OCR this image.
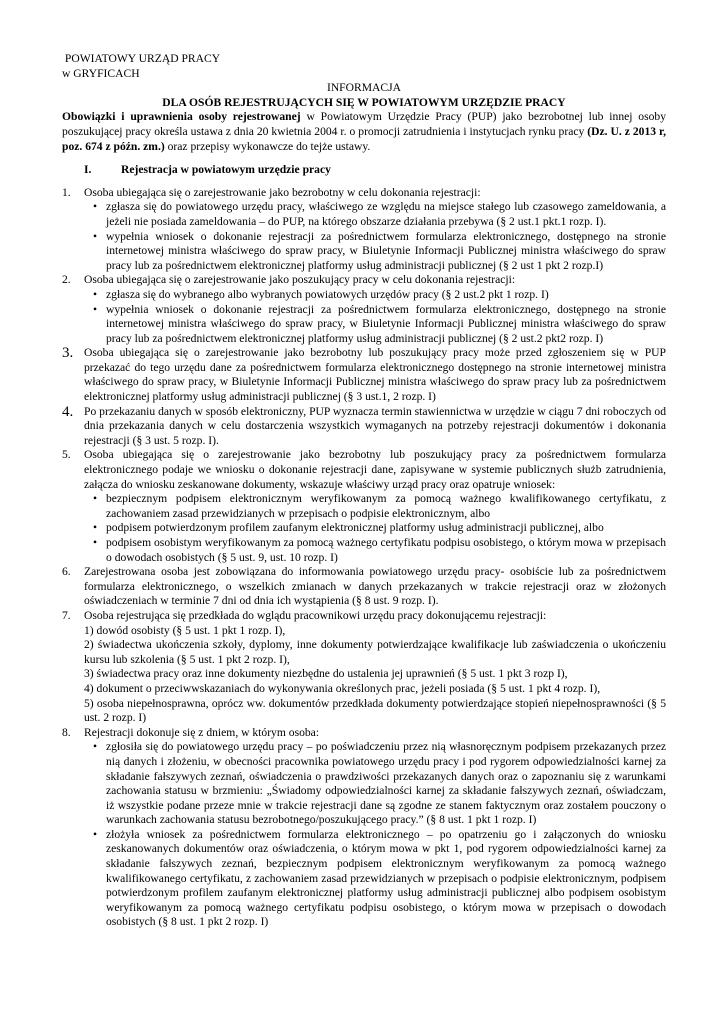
POWIATOWY URZĄD PRACY

w GRYFICACH

INFORMACJA

DLA OSÓB REJESTRUJĄCYCH SIĘ W POWIATOWYM URZĘDZIE PRACY

Obowiązki i uprawnienia osoby rejestrowanej w Powiatowym Urzędzie Pracy (PUP) jako bezrobotnej lub innej osoby poszukującej pracy określa ustawa z dnia 20 kwietnia 2004 r. o promocji zatrudnienia i instytucjach rynku pracy (Dz. U. z 2013 r, poz. 674 z późn. zm.) oraz przepisy wykonawcze do tejże ustawy.

I.	Rejestracja w powiatowym urzędzie pracy
1.	Osoba ubiegająca się o zarejestrowanie jako bezrobotny w celu dokonania rejestracji:
• zgłasza się do powiatowego urzędu pracy, właściwego ze względu na miejsce stałego lub czasowego zameldowania, a jeżeli nie posiada zameldowania – do PUP, na którego obszarze działania przebywa (§ 2 ust.1 pkt.1 rozp. I).
• wypełnia wniosek o dokonanie rejestracji za pośrednictwem formularza elektronicznego, dostępnego na stronie internetowej ministra właściwego do spraw pracy, w Biuletynie Informacji Publicznej ministra właściwego do spraw pracy lub za pośrednictwem elektronicznej platformy usług administracji publicznej (§ 2 ust 1 pkt 2 rozp.I)
2.	Osoba ubiegająca się o zarejestrowanie jako poszukujący pracy w celu dokonania rejestracji:
• zgłasza się do wybranego albo wybranych powiatowych urzędów pracy (§ 2 ust.2 pkt 1 rozp. I)
• wypełnia wniosek o dokonanie rejestracji za pośrednictwem formularza elektronicznego, dostępnego na stronie internetowej ministra właściwego do spraw pracy, w Biuletynie Informacji Publicznej ministra właściwego do spraw pracy lub za pośrednictwem elektronicznej platformy usług administracji publicznej (§ 2 ust.2 pkt2 rozp. I)
3. Osoba ubiegająca się o zarejestrowanie jako bezrobotny lub poszukujący pracy może przed zgłoszeniem się w PUP przekazać do tego urzędu dane za pośrednictwem formularza elektronicznego dostępnego na stronie internetowej ministra właściwego do spraw pracy, w Biuletynie Informacji Publicznej ministra właściwego do spraw pracy lub za pośrednictwem elektronicznej platformy usług administracji publicznej (§ 3 ust.1, 2 rozp. I)
4. Po przekazaniu danych w sposób elektroniczny, PUP wyznacza termin stawiennictwa w urzędzie w ciągu 7 dni roboczych od dnia przekazania danych w celu dostarczenia wszystkich wymaganych na potrzeby rejestracji dokumentów i dokonania rejestracji (§ 3 ust. 5 rozp. I).
5.	Osoba ubiegająca się o zarejestrowanie jako bezrobotny lub poszukujący pracy za pośrednictwem formularza elektronicznego podaje we wniosku o dokonanie rejestracji dane, zapisywane w systemie publicznych służb zatrudnienia, załącza do wniosku zeskanowane dokumenty, wskazuje właściwy urząd pracy oraz opatruje wniosek:
• bezpiecznym podpisem elektronicznym weryfikowanym za pomocą ważnego kwalifikowanego certyfikatu, z zachowaniem zasad przewidzianych w przepisach o podpisie elektronicznym, albo
• podpisem potwierdzonym profilem zaufanym elektronicznej platformy usług administracji publicznej, albo
• podpisem osobistym weryfikowanym za pomocą ważnego certyfikatu podpisu osobistego, o którym mowa w przepisach o dowodach osobistych (§ 5 ust. 9, ust. 10 rozp. I)
6.	Zarejestrowana osoba jest zobowiązana do informowania powiatowego urzędu pracy- osobiście lub za pośrednictwem formularza elektronicznego, o wszelkich zmianach w danych przekazanych w trakcie rejestracji oraz w złożonych oświadczeniach w terminie 7 dni od dnia ich wystąpienia (§ 8 ust. 9 rozp. I).
7.	Osoba rejestrująca się przedkłada do wglądu pracownikowi urzędu pracy dokonującemu rejestracji:
1) dowód osobisty (§ 5 ust. 1 pkt 1 rozp. I),
2) świadectwa ukończenia szkoły, dyplomy, inne dokumenty potwierdzające kwalifikacje lub zaświadczenia o ukończeniu kursu lub szkolenia (§ 5 ust. 1 pkt 2 rozp. I),
3) świadectwa pracy oraz inne dokumenty niezbędne do ustalenia jej uprawnień (§ 5 ust. 1 pkt 3 rozp I),
4) dokument o przeciwwskazaniach do wykonywania określonych prac, jeżeli posiada (§ 5 ust. 1 pkt 4 rozp. I),
5) osoba niepełnosprawna, oprócz ww. dokumentów przedkłada dokumenty potwierdzające stopień niepełnosprawności (§ 5 ust. 2 rozp. I)
8.	Rejestracji dokonuje się z dniem, w którym osoba:
• zgłosiła się do powiatowego urzędu pracy – po poświadczeniu przez nią własnoręcznym podpisem przekazanych przez nią danych i złożeniu, w obecności pracownika powiatowego urzędu pracy i pod rygorem odpowiedzialności karnej za składanie fałszywych zeznań, oświadczenia o prawdziwości przekazanych danych oraz o zapoznaniu się z warunkami zachowania statusu w brzmieniu: „Świadomy odpowiedzialności karnej za składanie fałszywych zeznań, oświadczam, iż wszystkie podane przeze mnie w trakcie rejestracji dane są zgodne ze stanem faktycznym oraz zostałem pouczony o warunkach zachowania statusu bezrobotnego/poszukującego pracy.” (§ 8 ust. 1 pkt 1 rozp. I)
• złożyła wniosek za pośrednictwem formularza elektronicznego – po opatrzeniu go i załączonych do wniosku zeskanowanych dokumentów oraz oświadczenia, o którym mowa w pkt 1, pod rygorem odpowiedzialności karnej za składanie fałszywych zeznań, bezpiecznym podpisem elektronicznym weryfikowanym za pomocą ważnego kwalifikowanego certyfikatu, z zachowaniem zasad przewidzianych w przepisach o podpisie elektronicznym, podpisem potwierdzonym profilem zaufanym elektronicznej platformy usług administracji publicznej albo podpisem osobistym weryfikowanym za pomocą ważnego certyfikatu podpisu osobistego, o którym mowa w przepisach o dowodach osobistych (§ 8 ust. 1 pkt 2 rozp. I)
